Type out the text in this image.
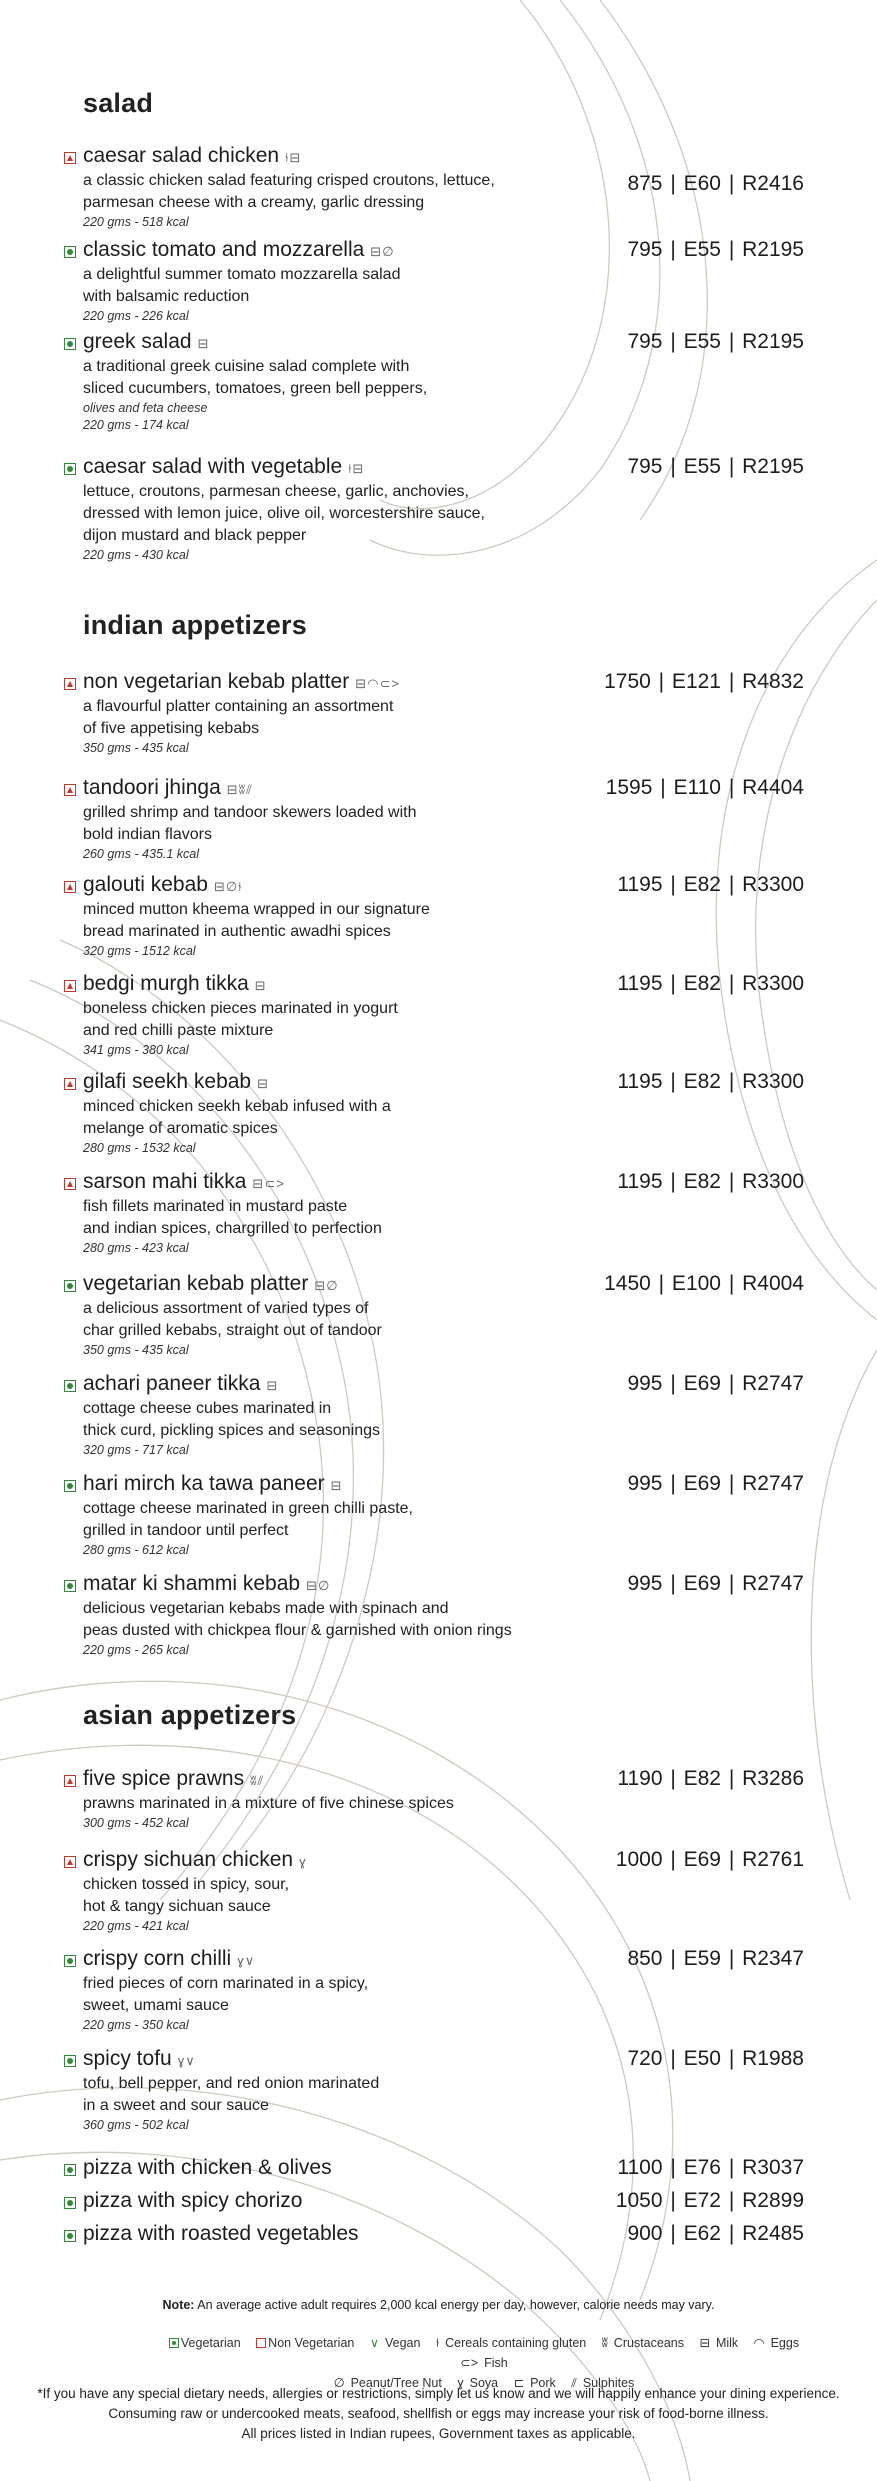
salad
caesar salad chicken ⫮⊟
875 | E60 | R2416
a classic chicken salad featuring crisped croutons, lettuce,
parmesan cheese with a creamy, garlic dressing
220 gms - 518 kcal
classic tomato and mozzarella ⊟∅	795 | E55 | R2195
a delightful summer tomato mozzarella salad
with balsamic reduction
220 gms - 226 kcal
greek salad ⊟	795 | E55 | R2195
a traditional greek cuisine salad complete with
sliced cucumbers, tomatoes, green bell peppers,
olives and feta cheese
220 gms - 174 kcal
caesar salad with vegetable ⫮⊟	795 | E55 | R2195
lettuce, croutons, parmesan cheese, garlic, anchovies,
dressed with lemon juice, olive oil, worcestershire sauce,
dijon mustard and black pepper
220 gms - 430 kcal
indian appetizers
non vegetarian kebab platter ⊟◠⊂>	1750 | E121 | R4832
a flavourful platter containing an assortment
of five appetising kebabs
350 gms - 435 kcal
tandoori jhinga ⊟ʬ⫽	1595 | E110 | R4404
grilled shrimp and tandoor skewers loaded with
bold indian flavors
260 gms - 435.1 kcal
galouti kebab ⊟∅⫮	1195 | E82 | R3300
minced mutton kheema wrapped in our signature
bread marinated in authentic awadhi spices
320 gms - 1512 kcal
bedgi murgh tikka ⊟	1195 | E82 | R3300
boneless chicken pieces marinated in yogurt
and red chilli paste mixture
341 gms - 380 kcal
gilafi seekh kebab ⊟	1195 | E82 | R3300
minced chicken seekh kebab infused with a
melange of aromatic spices
280 gms - 1532 kcal
sarson mahi tikka ⊟⊂>	1195 | E82 | R3300
fish fillets marinated in mustard paste
and indian spices, chargrilled to perfection
280 gms - 423 kcal
vegetarian kebab platter ⊟∅	1450 | E100 | R4004
a delicious assortment of varied types of
char grilled kebabs, straight out of tandoor
350 gms - 435 kcal
achari paneer tikka ⊟	995 | E69 | R2747
cottage cheese cubes marinated in
thick curd, pickling spices and seasonings
320 gms - 717 kcal
hari mirch ka tawa paneer ⊟	995 | E69 | R2747
cottage cheese marinated in green chilli paste,
grilled in tandoor until perfect
280 gms - 612 kcal
matar ki shammi kebab ⊟∅	995 | E69 | R2747
delicious vegetarian kebabs made with spinach and
peas dusted with chickpea flour & garnished with onion rings
220 gms - 265 kcal
asian appetizers
five spice prawns ʬ⫽	1190 | E82 | R3286
prawns marinated in a mixture of five chinese spices
300 gms - 452 kcal
crispy sichuan chicken ɣ	1000 | E69 | R2761
chicken tossed in spicy, sour,
hot & tangy sichuan sauce
220 gms - 421 kcal
crispy corn chilli ɣ∨	850 | E59 | R2347
fried pieces of corn marinated in a spicy,
sweet, umami sauce
220 gms - 350 kcal
spicy tofu ɣ∨	720 | E50 | R1988
tofu, bell pepper, and red onion marinated
in a sweet and sour sauce
360 gms - 502 kcal
pizza with chicken & olives	1100 | E76 | R3037
pizza with spicy chorizo	1050 | E72 | R2899
pizza with roasted vegetables	900 | E62 | R2485
Note: An average active adult requires 2,000 kcal energy per day, however, calorie needs may vary.
Vegetarian Non Vegetarian ∨ Vegan ⫮ Cereals containing gluten ʬ Crustaceans ⊟ Milk ◠ Eggs ⊂> Fish
∅ Peanut/Tree Nut ɣ Soya ⊏ Pork ⫽ Sulphites
*If you have any special dietary needs, allergies or restrictions, simply let us know and we will happily enhance your dining experience.
Consuming raw or undercooked meats, seafood, shellfish or eggs may increase your risk of food-borne illness.
All prices listed in Indian rupees, Government taxes as applicable.
